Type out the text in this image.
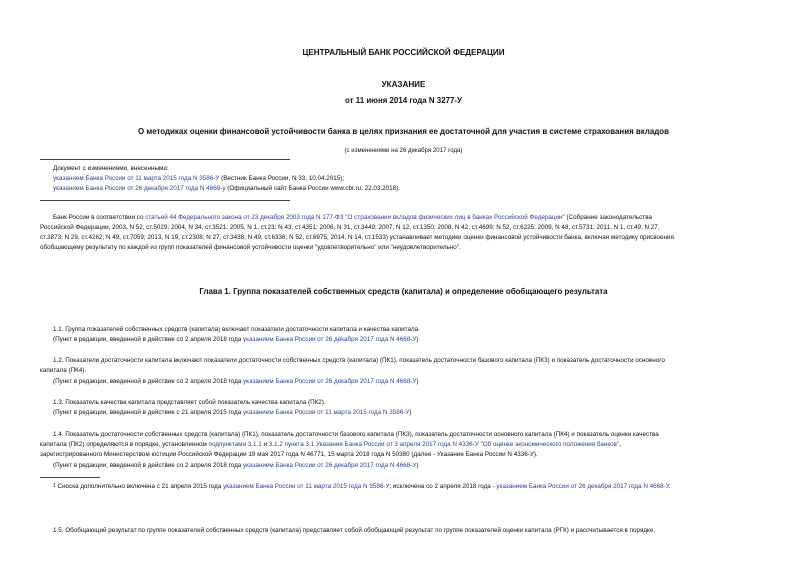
ЦЕНТРАЛЬНЫЙ БАНК РОССИЙСКОЙ ФЕДЕРАЦИИ
УКАЗАНИЕ
от 11 июня 2014 года N 3277-У
О методиках оценки финансовой устойчивости банка в целях признания ее достаточной для участия в системе страхования вкладов
(с изменениями на 26 декабря 2017 года)
Документ с изменениями, внесенными:
указанием Банка России от 11 марта 2015 года N 3586-У (Вестник Банка России, N 33, 10.04.2015);
указанием Банка России от 26 декабря 2017 года N 4668-у (Официальный сайт Банка России www.cbr.ru, 22.03.2018).
Банк России в соответствии со статьей 44 Федерального закона от 23 декабря 2003 года N 177-ФЗ "О страховании вкладов физических лиц в банках Российской Федерации" (Собрание законодательства
Российской Федерации, 2003, N 52, ст.5029; 2004, N 34, ст.3521; 2005, N 1, ст.23; N 43, ст.4351; 2006, N 31, ст.3449; 2007, N 12, ст.1350; 2008, N 42, ст.4699; N 52, ст.6225; 2009, N 48, ст.5731; 2011, N 1, ст.49; N 27,
ст.3873; N 29, ст.4262; N 49, ст.7059; 2013, N 19, ст.2308; N 27, ст.3438; N 49, ст.6336; N 52, ст.6975; 2014, N 14, ст.1533) устанавливает методики оценки финансовой устойчивости банка, включая методику присвоения
обобщающему результату по каждой из групп показателей финансовой устойчивости оценки "удовлетворительно" или "неудовлетворительно".
Глава 1. Группа показателей собственных средств (капитала) и определение обобщающего результата
1.1. Группа показателей собственных средств (капитала) включает показатели достаточности капитала и качества капитала.
(Пункт в редакции, введенной в действие со 2 апреля 2018 года указанием Банка России от 26 декабря 2017 года N 4668-У)
1.2. Показатели достаточности капитала включают показатели достаточности собственных средств (капитала) (ПК1), показатель достаточности базового капитала (ПК3) и показатель достаточности основного
капитала (ПК4).
(Пункт в редакции, введенной в действие со 2 апреля 2018 года указанием Банка России от 26 декабря 2017 года N 4668-У)
1.3. Показатель качества капитала представляет собой показатель качества капитала (ПК2).
(Пункт в редакции, введенной в действие с 21 апреля 2015 года указанием Банка России от 11 марта 2015 года N 3586-У)
1.4. Показатель достаточности собственных средств (капитала) (ПК1), показатель достаточности базового капитала (ПК3), показатель достаточности основного капитала (ПК4) и показатель оценки качества
капитала (ПК2) определяются в порядке, установленном подпунктами 3.1.1 и 3.1.2 пункта 3.1 Указания Банка России от 3 апреля 2017 года N 4336-У "Об оценке экономического положения банков",
зарегистрированного Министерством юстиции Российской Федерации 19 мая 2017 года N 46771, 15 марта 2018 года N 50380 (далее - Указание Банка России N 4336-У).
(Пункт в редакции, введенной в действие со 2 апреля 2018 года указанием Банка России от 26 декабря 2017 года N 4668-У)
$^1$ Сноска дополнительно включена с 21 апреля 2015 года указанием Банка России от 11 марта 2015 года N 3586-У; исключена со 2 апреля 2018 года - указанием Банка России от 26 декабря 2017 года N 4668-У.
1.5. Обобщающий результат по группе показателей собственных средств (капитала) представляет собой обобщающий результат по группе показателей оценки капитала (РГК) и рассчитывается в порядке,
